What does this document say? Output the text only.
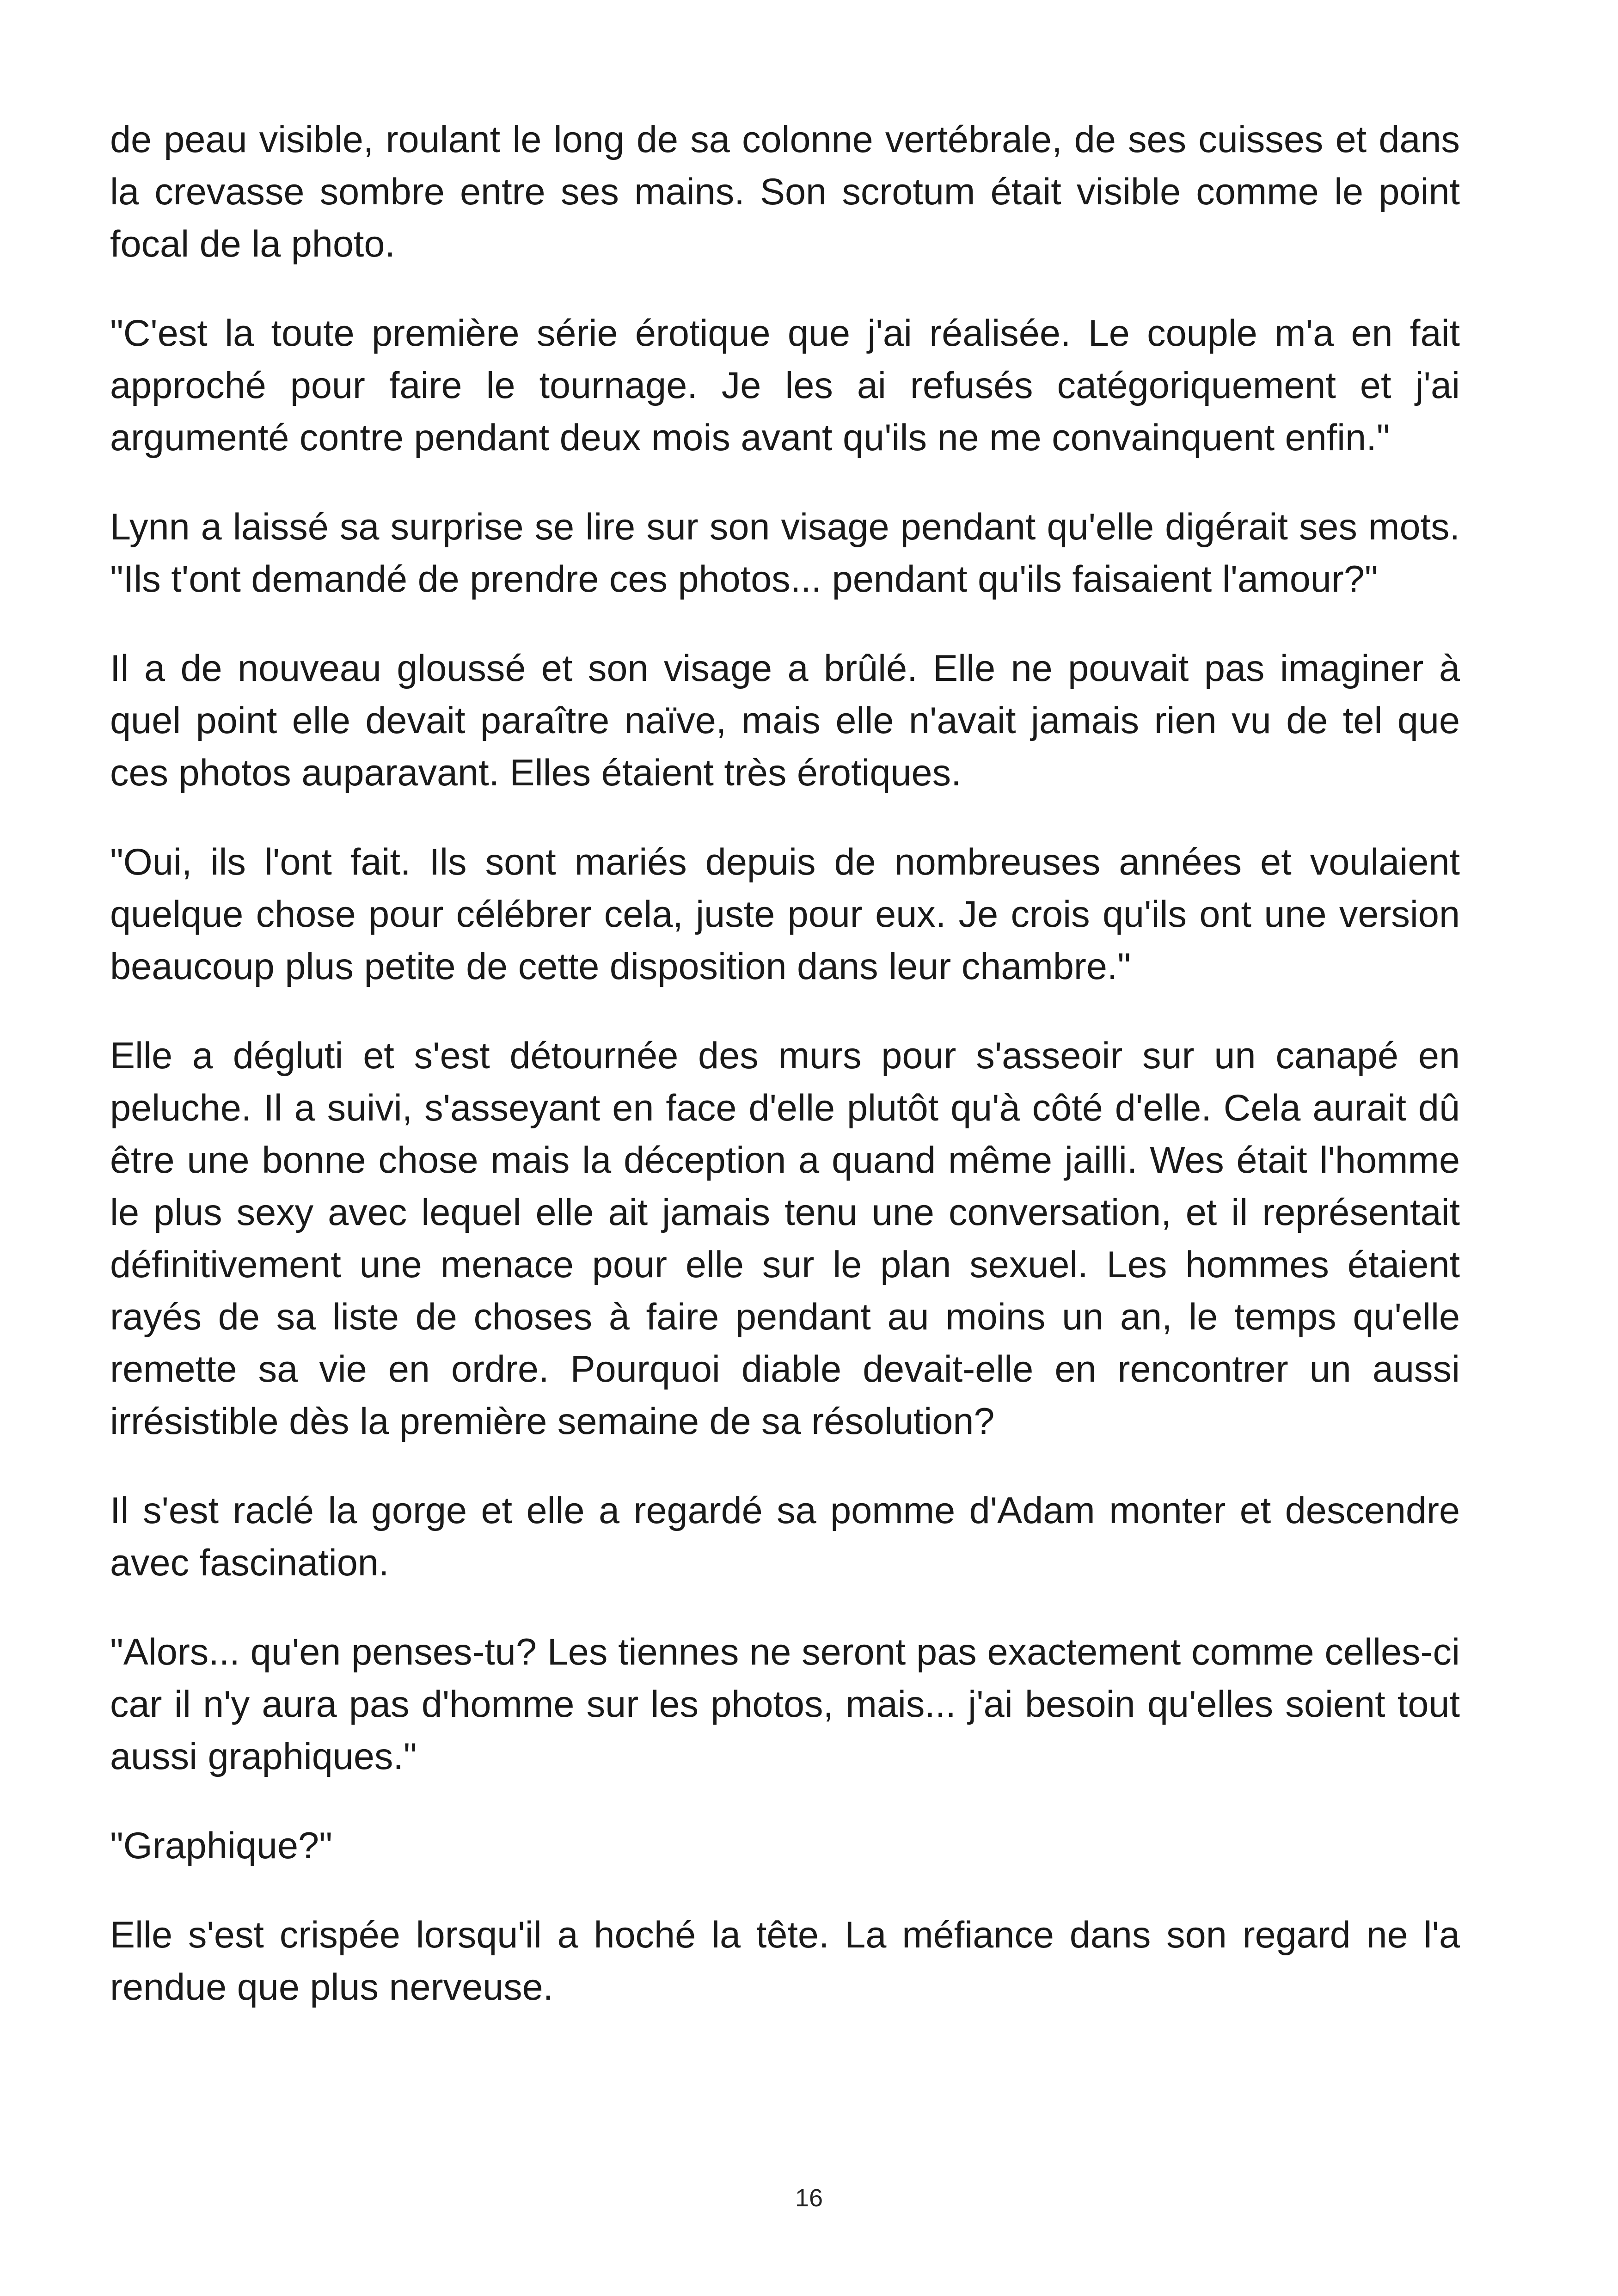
de peau visible, roulant le long de sa colonne vertébrale, de ses cuisses et dans la crevasse sombre entre ses mains. Son scrotum était visible comme le point focal de la photo.

"C'est la toute première série érotique que j'ai réalisée. Le couple m'a en fait approché pour faire le tournage. Je les ai refusés catégoriquement et j'ai argumenté contre pendant deux mois avant qu'ils ne me convainquent enfin."

Lynn a laissé sa surprise se lire sur son visage pendant qu'elle digérait ses mots. "Ils t'ont demandé de prendre ces photos... pendant qu'ils faisaient l'amour?"

Il a de nouveau gloussé et son visage a brûlé. Elle ne pouvait pas imaginer à quel point elle devait paraître naïve, mais elle n'avait jamais rien vu de tel que ces photos auparavant. Elles étaient très érotiques.

"Oui, ils l'ont fait. Ils sont mariés depuis de nombreuses années et voulaient quelque chose pour célébrer cela, juste pour eux. Je crois qu'ils ont une version beaucoup plus petite de cette disposition dans leur chambre."

Elle a dégluti et s'est détournée des murs pour s'asseoir sur un canapé en peluche. Il a suivi, s'asseyant en face d'elle plutôt qu'à côté d'elle. Cela aurait dû être une bonne chose mais la déception a quand même jailli. Wes était l'homme le plus sexy avec lequel elle ait jamais tenu une conversation, et il représentait définitivement une menace pour elle sur le plan sexuel. Les hommes étaient rayés de sa liste de choses à faire pendant au moins un an, le temps qu'elle remette sa vie en ordre. Pourquoi diable devait-elle en rencontrer un aussi irrésistible dès la première semaine de sa résolution?

Il s'est raclé la gorge et elle a regardé sa pomme d'Adam monter et descendre avec fascination.

"Alors... qu'en penses-tu? Les tiennes ne seront pas exactement comme celles-ci car il n'y aura pas d'homme sur les photos, mais... j'ai besoin qu'elles soient tout aussi graphiques."

"Graphique?"

Elle s'est crispée lorsqu'il a hoché la tête. La méfiance dans son regard ne l'a rendue que plus nerveuse.

16
